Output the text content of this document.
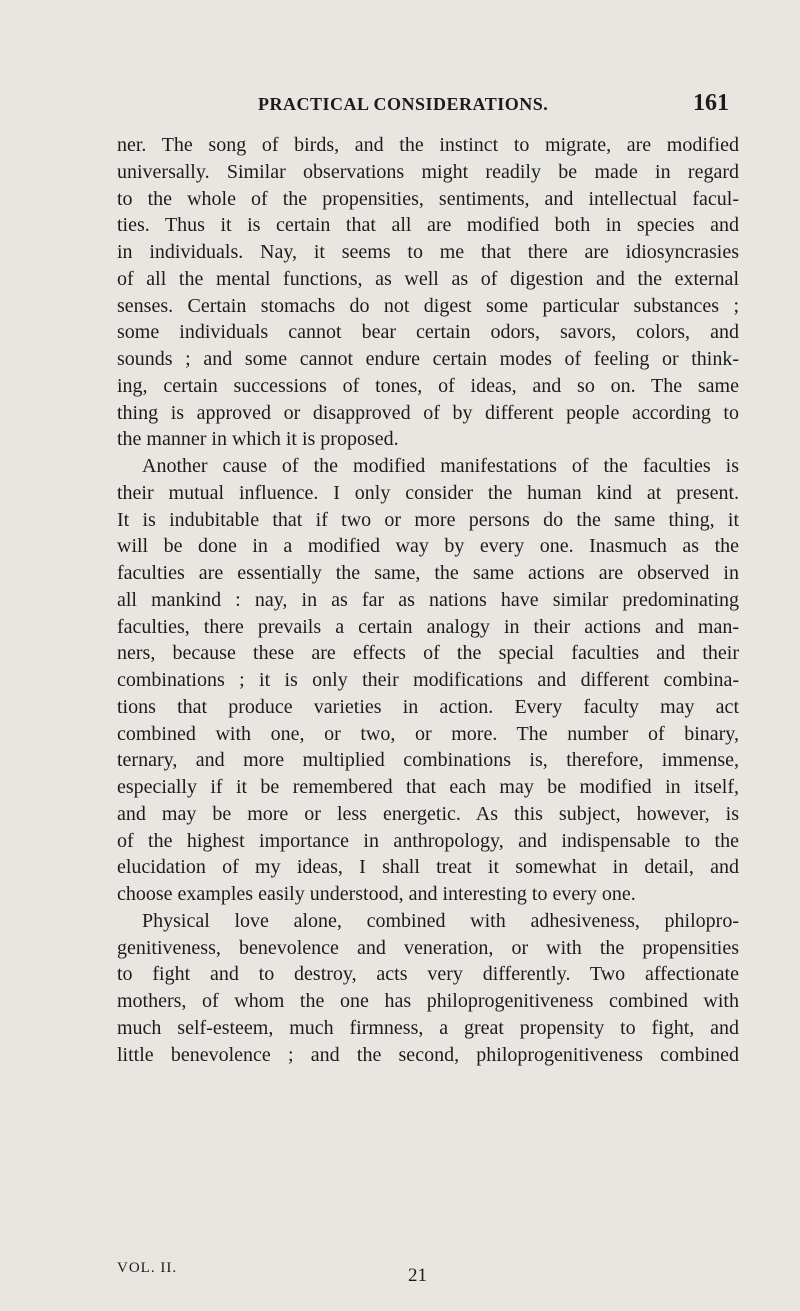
PRACTICAL CONSIDERATIONS.	161
ner. The song of birds, and the instinct to migrate, are modified
universally. Similar observations might readily be made in regard
to the whole of the propensities, sentiments, and intellectual facul-
ties. Thus it is certain that all are modified both in species and
in individuals. Nay, it seems to me that there are idiosyncrasies
of all the mental functions, as well as of digestion and the external
senses. Certain stomachs do not digest some particular substances ;
some individuals cannot bear certain odors, savors, colors, and
sounds ; and some cannot endure certain modes of feeling or think-
ing, certain successions of tones, of ideas, and so on. The same
thing is approved or disapproved of by different people according to
the manner in which it is proposed.
Another cause of the modified manifestations of the faculties is
their mutual influence. I only consider the human kind at present.
It is indubitable that if two or more persons do the same thing, it
will be done in a modified way by every one. Inasmuch as the
faculties are essentially the same, the same actions are observed in
all mankind : nay, in as far as nations have similar predominating
faculties, there prevails a certain analogy in their actions and man-
ners, because these are effects of the special faculties and their
combinations ; it is only their modifications and different combina-
tions that produce varieties in action. Every faculty may act
combined with one, or two, or more. The number of binary,
ternary, and more multiplied combinations is, therefore, immense,
especially if it be remembered that each may be modified in itself,
and may be more or less energetic. As this subject, however, is
of the highest importance in anthropology, and indispensable to the
elucidation of my ideas, I shall treat it somewhat in detail, and
choose examples easily understood, and interesting to every one.
Physical love alone, combined with adhesiveness, philopro-
genitiveness, benevolence and veneration, or with the propensities
to fight and to destroy, acts very differently. Two affectionate
mothers, of whom the one has philoprogenitiveness combined with
much self-esteem, much firmness, a great propensity to fight, and
little benevolence ; and the second, philoprogenitiveness combined
VOL. II.	21
